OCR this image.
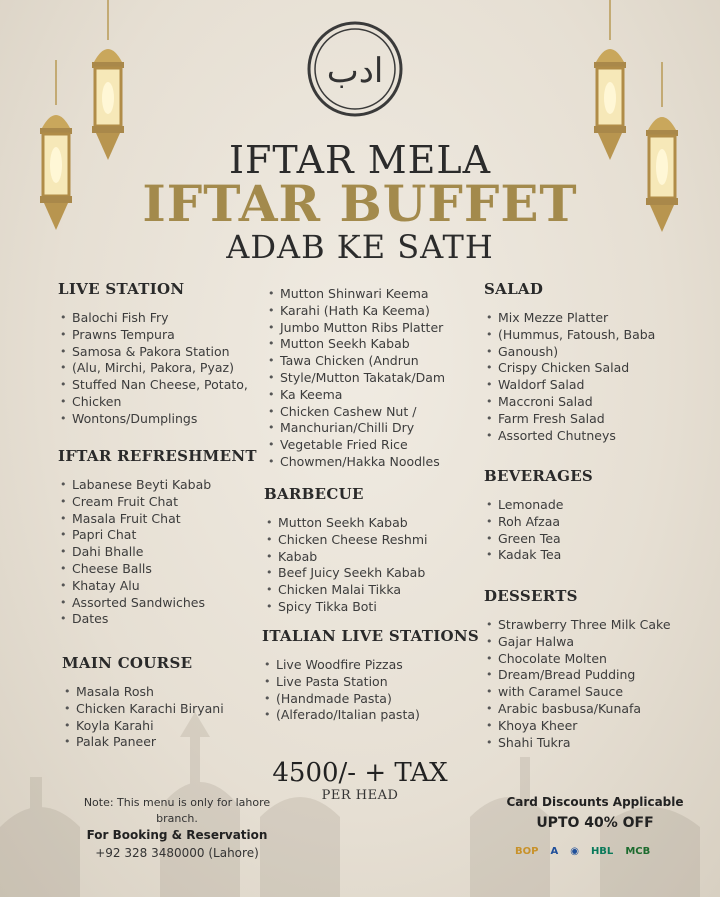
ادب
IFTAR MELA
IFTAR BUFFET
ADAB KE SATH
LIVE STATION
• Balochi Fish Fry
• Prawns Tempura
• Samosa & Pakora Station
• (Alu, Mirchi, Pakora, Pyaz)
• Stuffed Nan Cheese, Potato,
• Chicken
• Wontons/Dumplings
IFTAR REFRESHMENT
• Labanese Beyti Kabab
• Cream Fruit Chat
• Masala Fruit Chat
• Papri Chat
• Dahi Bhalle
• Cheese Balls
• Khatay Alu
• Assorted Sandwiches
• Dates
MAIN COURSE
• Masala Rosh
• Chicken Karachi Biryani
• Koyla Karahi
• Palak Paneer
• Mutton Shinwari Keema
• Karahi (Hath Ka Keema)
• Jumbo Mutton Ribs Platter
• Mutton Seekh Kabab
• Tawa Chicken (Andrun
• Style/Mutton Takatak/Dam
• Ka Keema
• Chicken Cashew Nut /
• Manchurian/Chilli Dry
• Vegetable Fried Rice
• Chowmen/Hakka Noodles
BARBECUE
• Mutton Seekh Kabab
• Chicken Cheese Reshmi
• Kabab
• Beef Juicy Seekh Kabab
• Chicken Malai Tikka
• Spicy Tikka Boti
ITALIAN LIVE STATIONS
• Live Woodfire Pizzas
• Live Pasta Station
• (Handmade Pasta)
• (Alferado/Italian pasta)
SALAD
• Mix Mezze Platter
• (Hummus, Fatoush, Baba
• Ganoush)
• Crispy Chicken Salad
• Waldorf Salad
• Maccroni Salad
• Farm Fresh Salad
• Assorted Chutneys
BEVERAGES
• Lemonade
• Roh Afzaa
• Green Tea
• Kadak Tea
DESSERTS
• Strawberry Three Milk Cake
• Gajar Halwa
• Chocolate Molten
• Dream/Bread Pudding
• with Caramel Sauce
• Arabic basbusa/Kunafa
• Khoya Kheer
• Shahi Tukra
4500/- + TAX
PER HEAD
Note: This menu is only for lahore branch.
For Booking & Reservation
+92 328 3480000 (Lahore)
Card Discounts Applicable
UPTO 40% OFF
BOP	A	◉	HBL	MCB
